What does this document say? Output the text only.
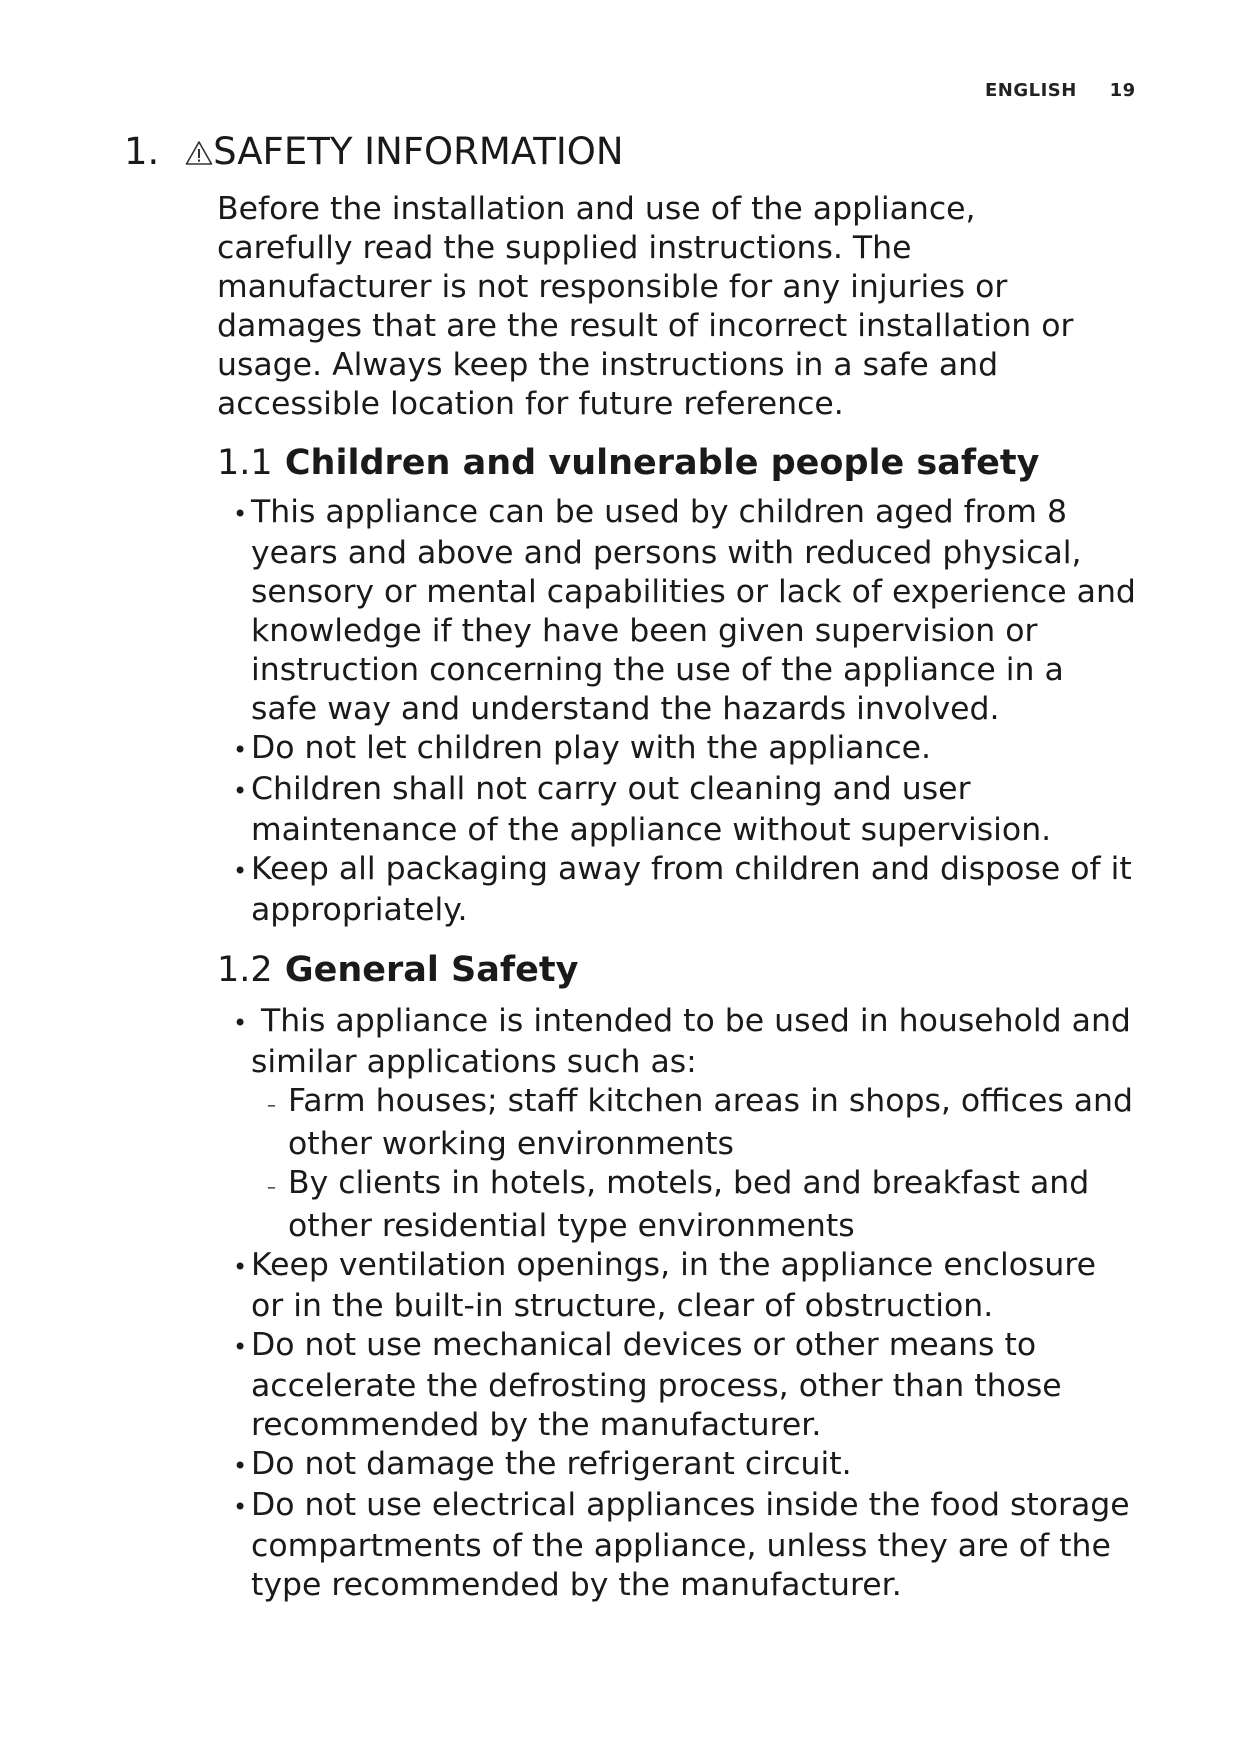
ENGLISH 19
1. SAFETY INFORMATION

Before the installation and use of the appliance, carefully read the supplied instructions. The manufacturer is not responsible for any injuries or damages that are the result of incorrect installation or usage. Always keep the instructions in a safe and accessible location for future reference.

1.1 Children and vulnerable people safety
• This appliance can be used by children aged from 8 years and above and persons with reduced physical, sensory or mental capabilities or lack of experience and knowledge if they have been given supervision or instruction concerning the use of the appliance in a safe way and understand the hazards involved.
• Do not let children play with the appliance.
• Children shall not carry out cleaning and user maintenance of the appliance without supervision.
• Keep all packaging away from children and dispose of it appropriately.
1.2 General Safety
• This appliance is intended to be used in household and similar applications such as:
– Farm houses; staff kitchen areas in shops, offices and other working environments
– By clients in hotels, motels, bed and breakfast and other residential type environments
• Keep ventilation openings, in the appliance enclosure or in the built-in structure, clear of obstruction.
• Do not use mechanical devices or other means to accelerate the defrosting process, other than those recommended by the manufacturer.
• Do not damage the refrigerant circuit.
• Do not use electrical appliances inside the food storage compartments of the appliance, unless they are of the type recommended by the manufacturer.
